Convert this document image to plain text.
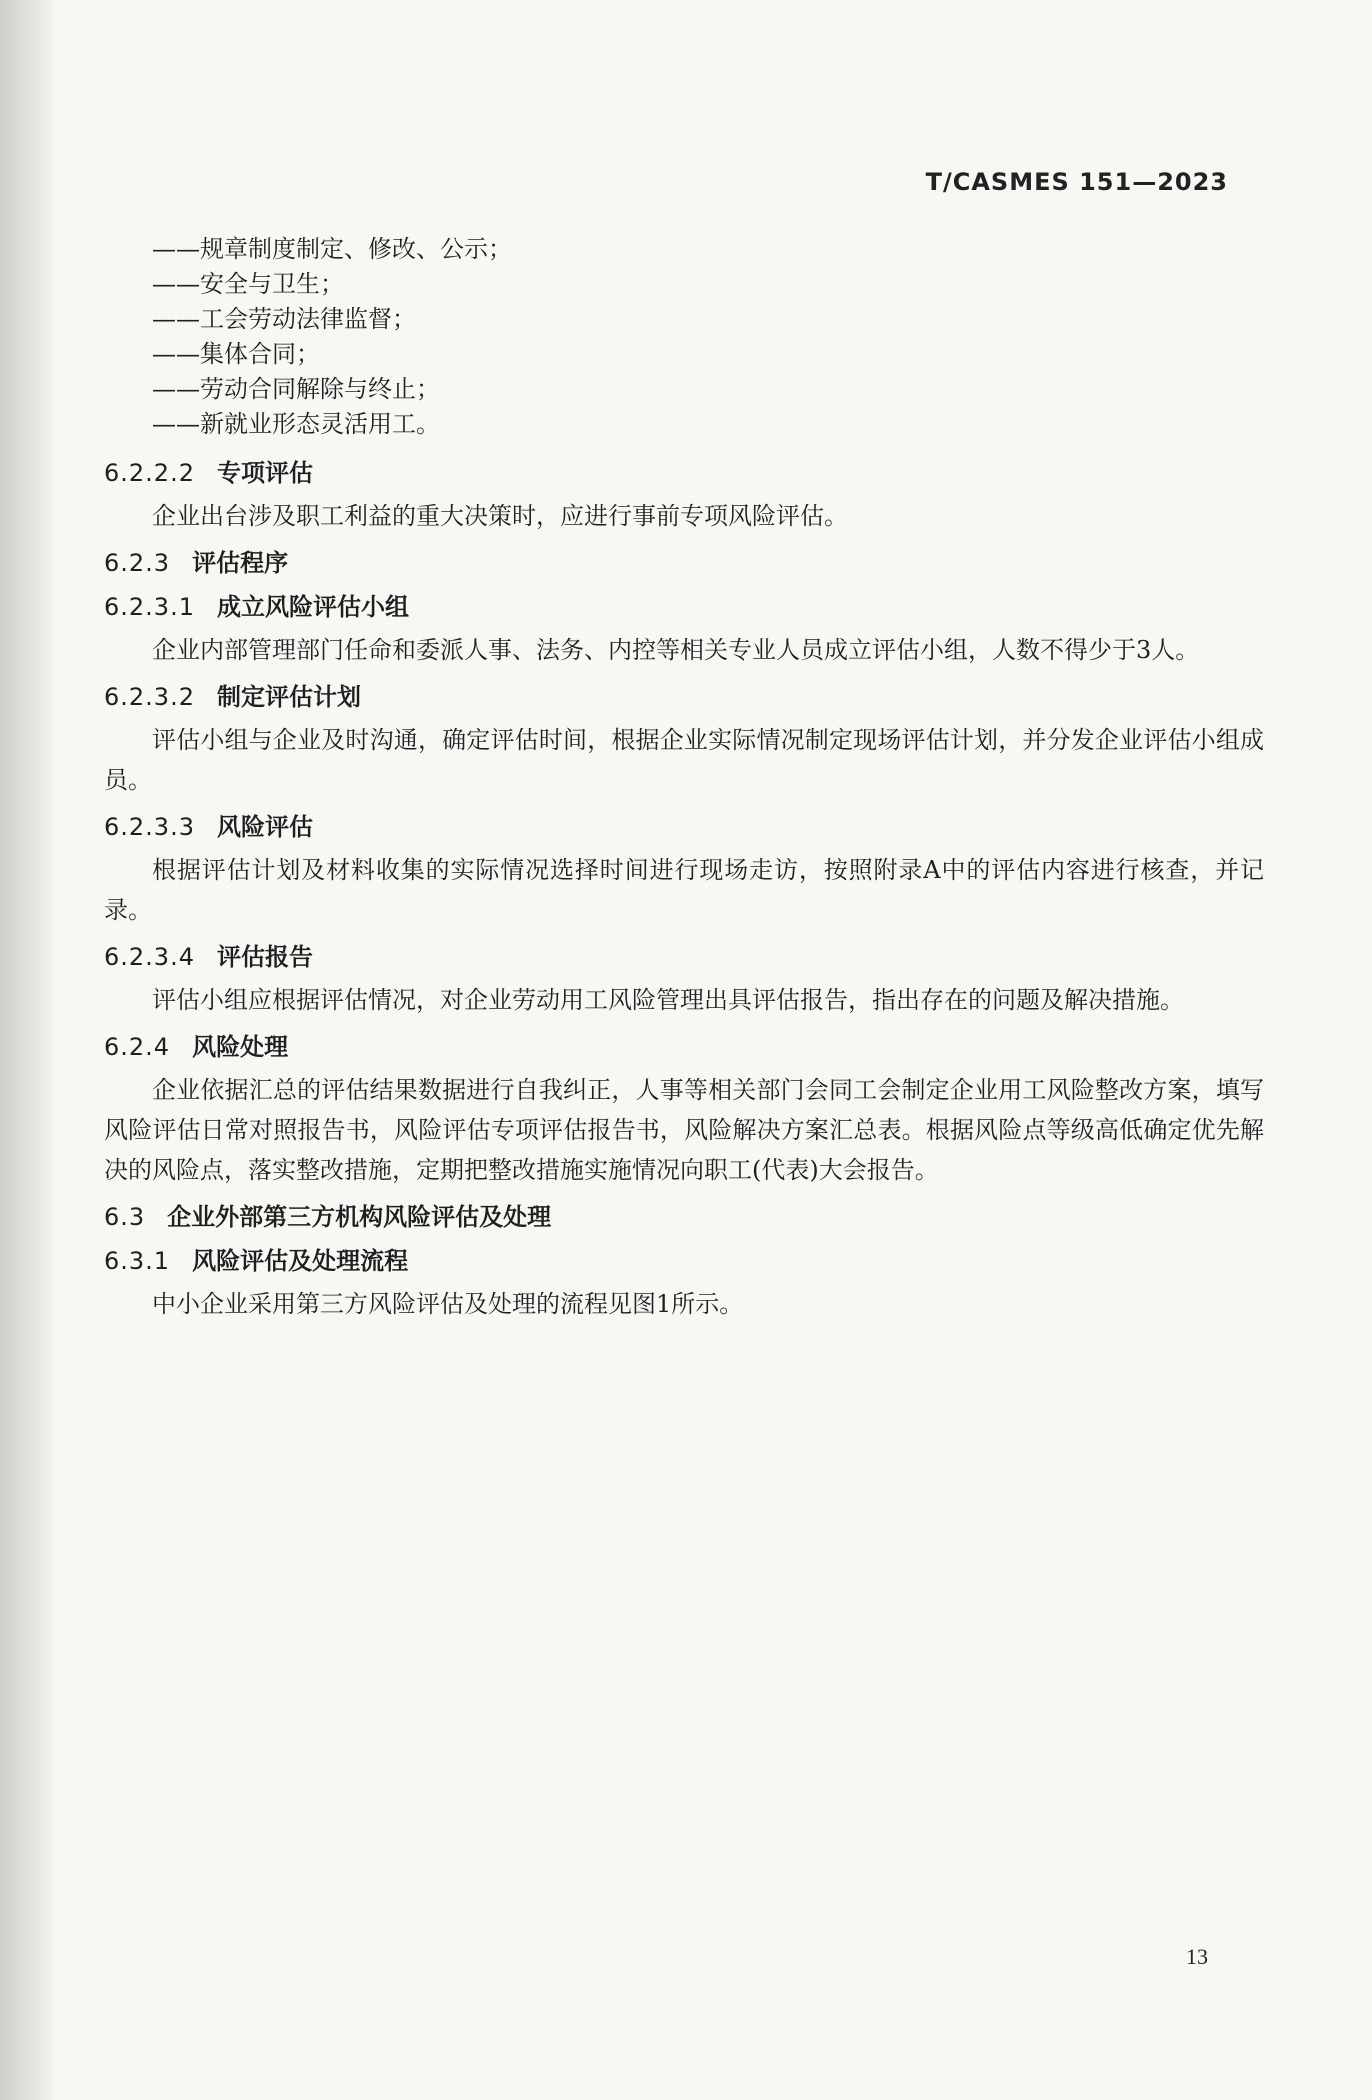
T/CASMES 151—2023
——规章制度制定、修改、公示；
——安全与卫生；
——工会劳动法律监督；
——集体合同；
——劳动合同解除与终止；
——新就业形态灵活用工。
6.2.2.2 专项评估
企业出台涉及职工利益的重大决策时，应进行事前专项风险评估。
6.2.3 评估程序
6.2.3.1 成立风险评估小组
企业内部管理部门任命和委派人事、法务、内控等相关专业人员成立评估小组，人数不得少于3人。
6.2.3.2 制定评估计划
评估小组与企业及时沟通，确定评估时间，根据企业实际情况制定现场评估计划，并分发企业评估小组成员。
6.2.3.3 风险评估
根据评估计划及材料收集的实际情况选择时间进行现场走访，按照附录A中的评估内容进行核查，并记录。
6.2.3.4 评估报告
评估小组应根据评估情况，对企业劳动用工风险管理出具评估报告，指出存在的问题及解决措施。
6.2.4 风险处理
企业依据汇总的评估结果数据进行自我纠正，人事等相关部门会同工会制定企业用工风险整改方案，填写风险评估日常对照报告书，风险评估专项评估报告书，风险解决方案汇总表。根据风险点等级高低确定优先解决的风险点，落实整改措施，定期把整改措施实施情况向职工(代表)大会报告。
6.3 企业外部第三方机构风险评估及处理
6.3.1 风险评估及处理流程
中小企业采用第三方风险评估及处理的流程见图1所示。
13
